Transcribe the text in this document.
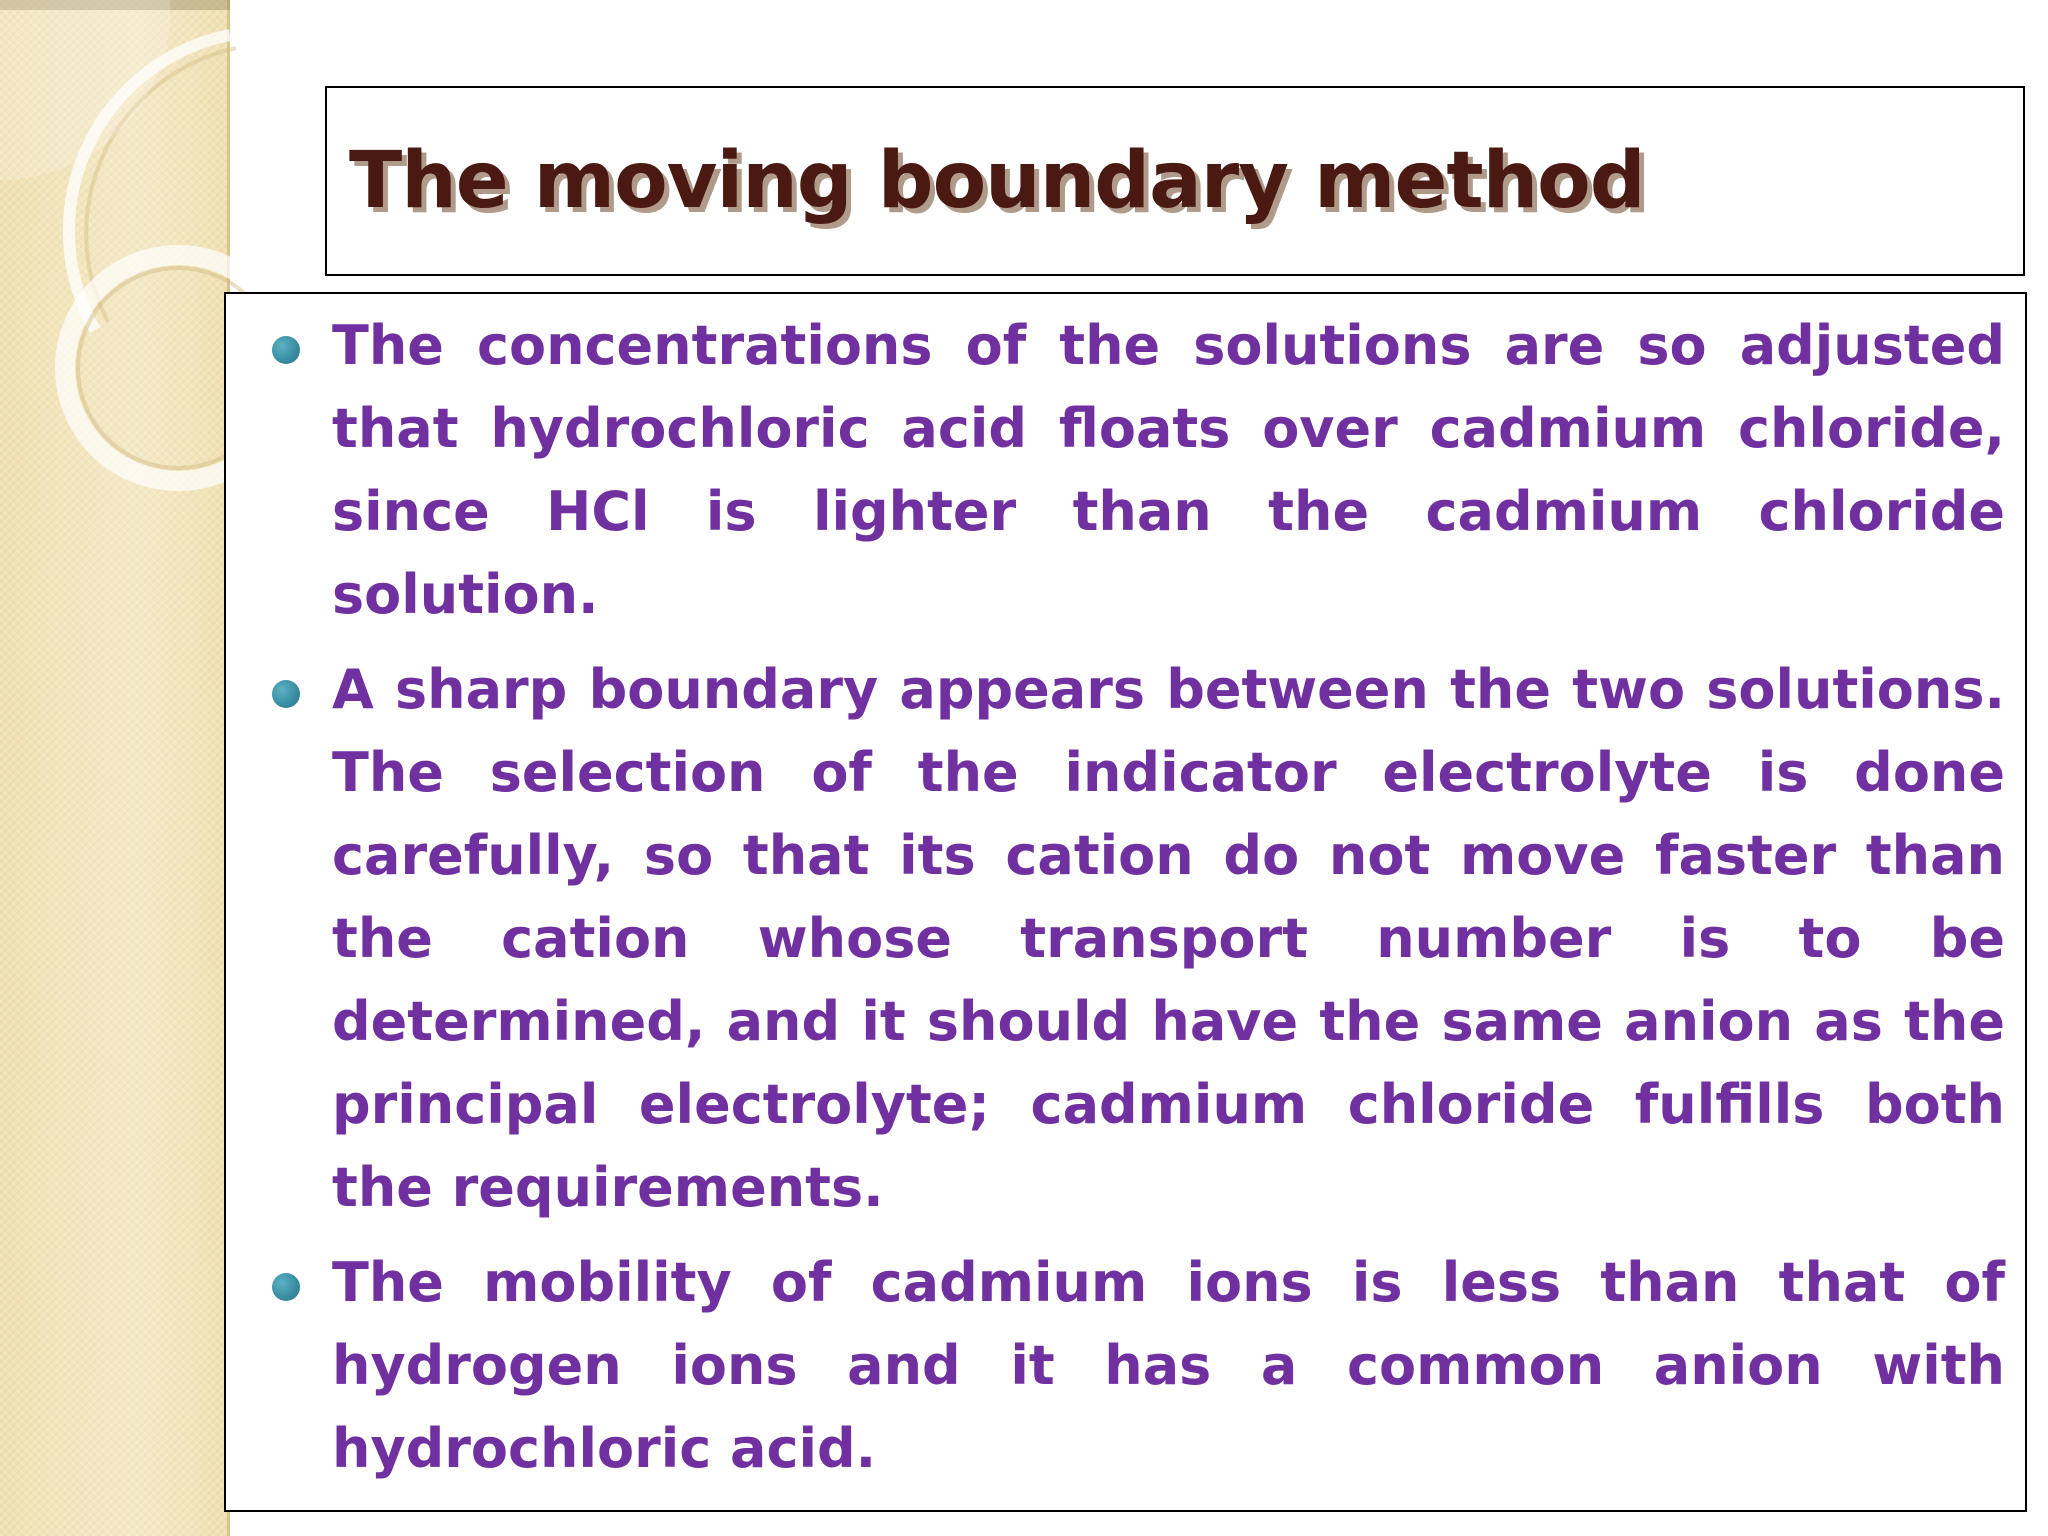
The moving boundary method

The concentrations of the solutions are so adjusted that hydrochloric acid floats over cadmium chloride, since HCl is lighter than the cadmium chloride solution.

A sharp boundary appears between the two solutions. The selection of the indicator electrolyte is done carefully, so that its cation do not move faster than the cation whose transport number is to be determined, and it should have the same anion as the principal electrolyte; cadmium chloride fulfills both the requirements.

The mobility of cadmium ions is less than that of hydrogen ions and it has a common anion with hydrochloric acid.
